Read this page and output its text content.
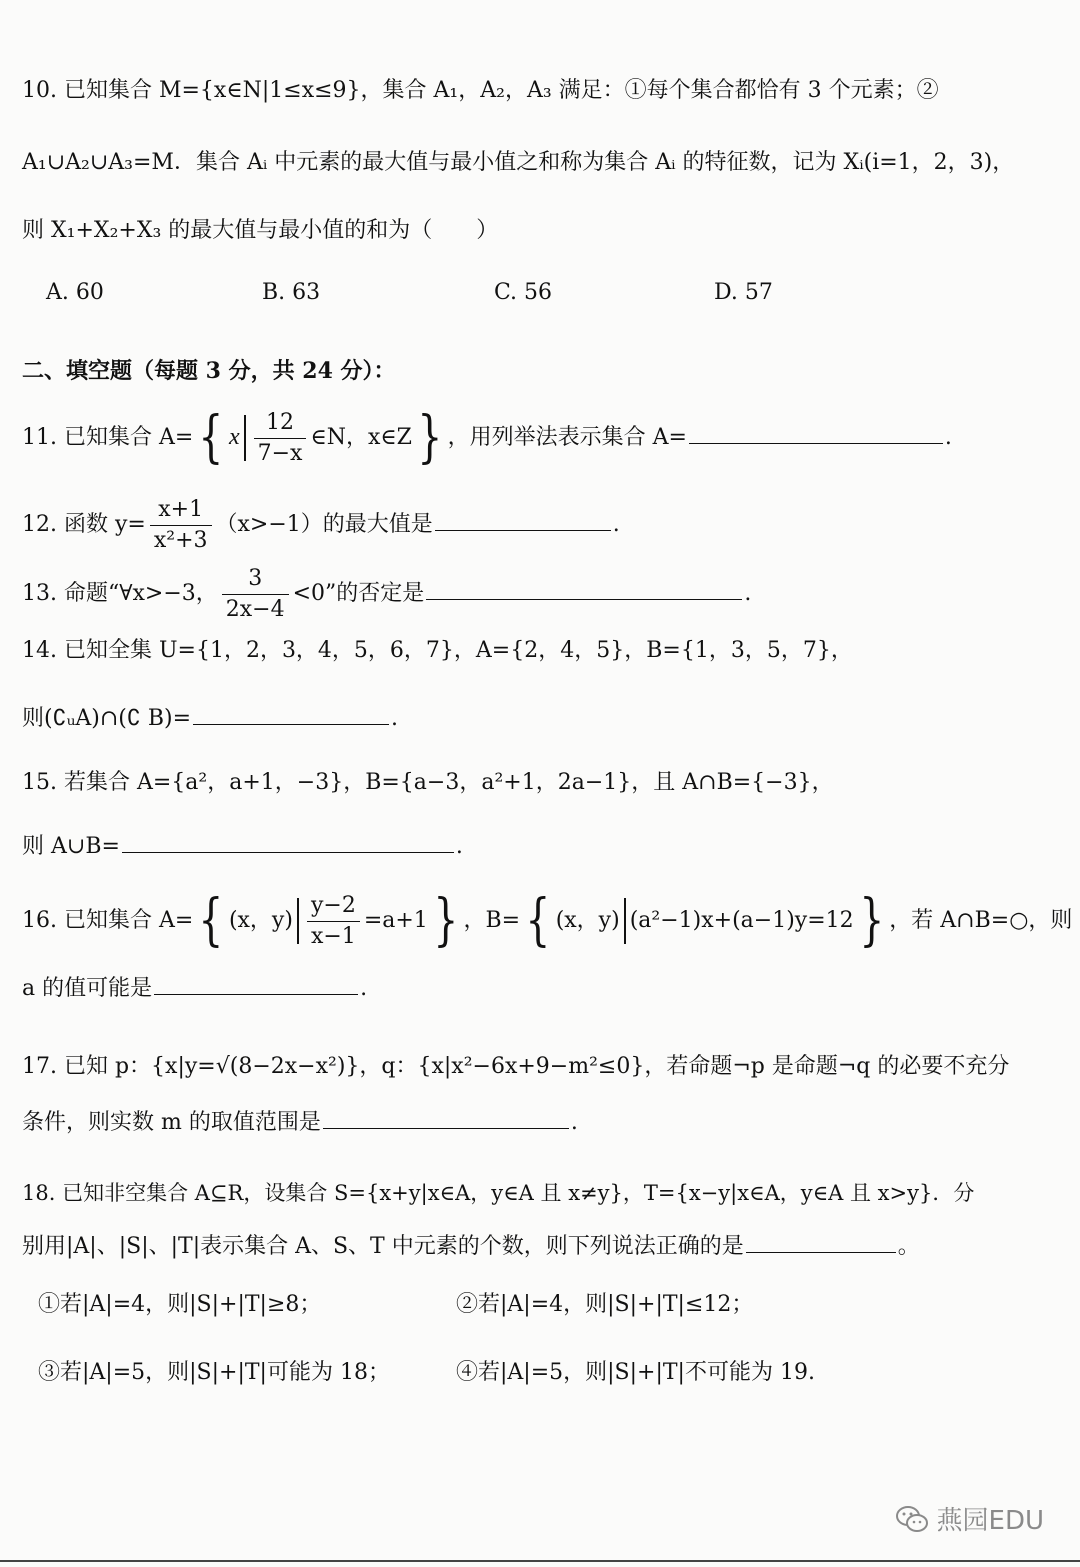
10. 已知集合 M={x∈N|1≤x≤9}，集合 A₁，A₂，A₃ 满足：①每个集合都恰有 3 个元素；②
A₁∪A₂∪A₃=M．集合 Aᵢ 中元素的最大值与最小值之和称为集合 Aᵢ 的特征数，记为 Xᵢ(i=1，2，3)，
则 X₁+X₂+X₃ 的最大值与最小值的和为（　　）
A. 60	B. 63	C. 56	D. 57
二、填空题（每题 3 分，共 24 分）：
11. 已知集合 A={ x $\frac{12}{7-x}$ ∈N，x∈Z} ，用列举法表示集合 A=	.
12. 函数 $y= \frac{x+1}{\text{x²+3}} (x>-1)$的最大值是	.
13. 命题“∀x>−3， $\frac{3}{2x-4} <0$”的否定是	.
14. 已知全集 U={1，2，3，4，5，6，7}，A={2，4，5}，B={1，3，5，7}，
则(∁ᵤA)∩(∁ B)=	.
15. 若集合 A={a²，a+1，−3}，B={a−3，a²+1，2a−1}，且 A∩B={−3}，
则 A∪B=	.
16. 已知集合 A={ (x，$y) \frac{y-2}{x-1} =a+1$} ，B={ (x，y) (a²−1)x+(a−1)y=12} ，若 A∩B=○，则
a 的值可能是	.
17. 已知 p：{x|y=√(8−2x−x²)}，q：{x|x²−6x+9−m²≤0}，若命题¬p 是命题¬q 的必要不充分
条件，则实数 m 的取值范围是	.
18. 已知非空集合 A⊆R，设集合 S={x+y|x∈A，y∈A 且 x≠y}，T={x−y|x∈A，y∈A 且 x>y}．分
别用|A|、|S|、|T|表示集合 A、S、T 中元素的个数，则下列说法正确的是	。
①若|A|=4，则|S|+|T|≥8；	②若|A|=4，则|S|+|T|≤12；
③若|A|=5，则|S|+|T|可能为 18；	④若|A|=5，则|S|+|T|不可能为 19.
燕园EDU
